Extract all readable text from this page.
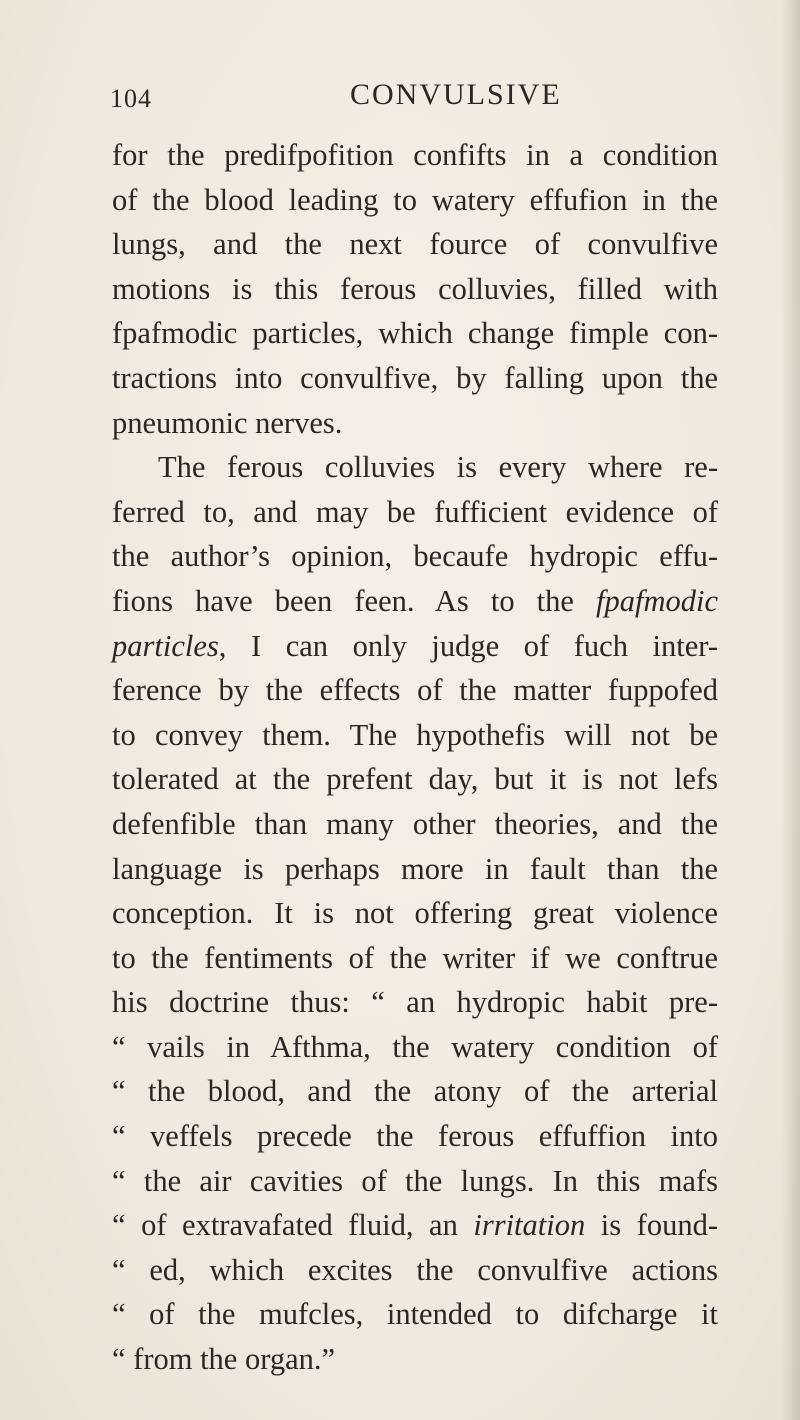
104	CONVULSIVE
for the predifpofition confifts in a condition
of the blood leading to watery effufion in the
lungs, and the next fource of convulfive
motions is this ferous colluvies, filled with
fpafmodic particles, which change fimple con-
tractions into convulfive, by falling upon the
pneumonic nerves.
The ferous colluvies is every where re-
ferred to, and may be fufficient evidence of
the author’s opinion, becaufe hydropic effu-
fions have been feen. As to the fpafmodic
particles, I can only judge of fuch inter-
ference by the effects of the matter fuppofed
to convey them. The hypothefis will not be
tolerated at the prefent day, but it is not lefs
defenfible than many other theories, and the
language is perhaps more in fault than the
conception. It is not offering great violence
to the fentiments of the writer if we conftrue
his doctrine thus: “ an hydropic habit pre-
“ vails in Afthma, the watery condition of
“ the blood, and the atony of the arterial
“ veffels precede the ferous effuffion into
“ the air cavities of the lungs. In this mafs
“ of extravafated fluid, an irritation is found-
“ ed, which excites the convulfive actions
“ of the mufcles, intended to difcharge it
“ from the organ.”
